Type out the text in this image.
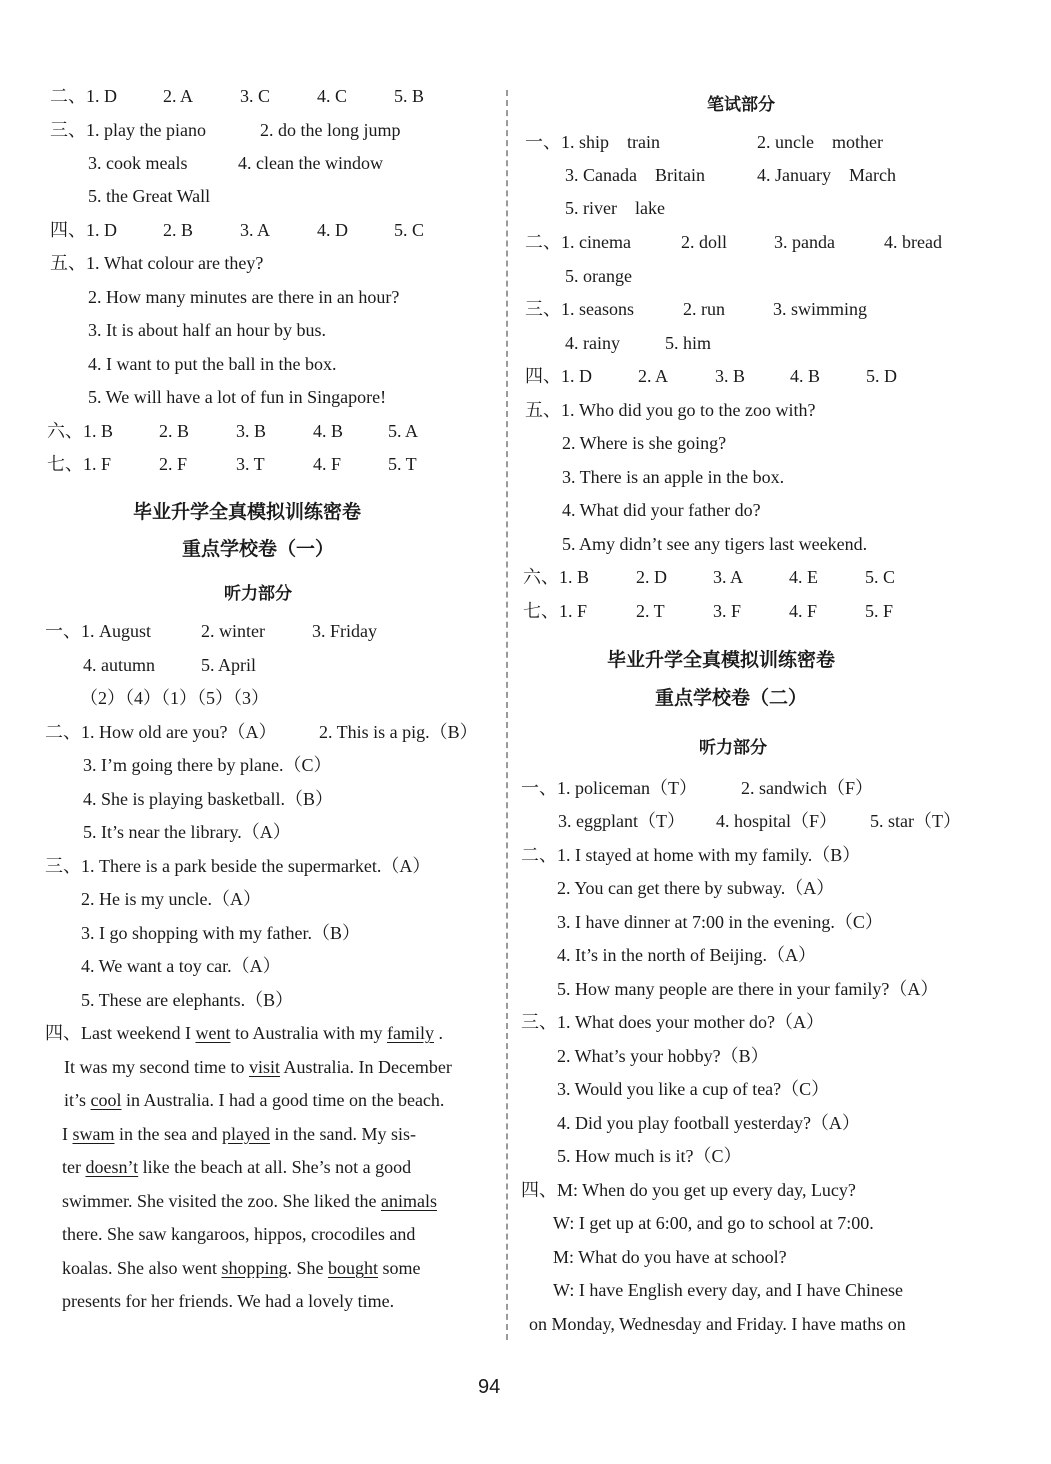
二、1. D	2. A	3. C	4. C	5. B
三、1. play the piano	2. do the long jump
3. cook meals	4. clean the window
5. the Great Wall
四、1. D	2. B	3. A	4. D	5. C
五、1. What colour are they?
2. How many minutes are there in an hour?
3. It is about half an hour by bus.
4. I want to put the ball in the box.
5. We will have a lot of fun in Singapore!
六、1. B	2. B	3. B	4. B 5. A
七、1. F	2. F	3. T	4. F	5. T
毕业升学全真模拟训练密卷
重点学校卷（一）
听力部分
一、1. August	2. winter	3. Friday
4. autumn	5. April
（2）（4）（1）（5）（3）
二、1. How old are you?（A） 2. This is a pig.（B）
3. I’m going there by plane.（C）
4. She is playing basketball.（B）
5. It’s near the library.（A）
三、1. There is a park beside the supermarket.（A）
2. He is my uncle.（A）
3. I go shopping with my father.（B）
4. We want a toy car.（A）
5. These are elephants.（B）
四、Last weekend I went to Australia with my family .
It was my second time to visit Australia. In December
it’s cool in Australia. I had a good time on the beach.
I swam in the sea and played in the sand. My sis-
ter doesn’t like the beach at all. She’s not a good
swimmer. She visited the zoo. She liked the animals
there. She saw kangaroos, hippos, crocodiles and
koalas. She also went shopping. She bought some
presents for her friends. We had a lovely time.
笔试部分
一、1. ship    train	2. uncle    mother
3. Canada    Britain	4. January    March
5. river    lake
二、1. cinema	2. doll	3. panda	4. bread
5. orange
三、1. seasons	2. run	3. swimming
4. rainy	5. him
四、1. D	2. A	3. B 4. B	5. D
五、1. Who did you go to the zoo with?
2. Where is she going?
3. There is an apple in the box.
4. What did your father do?
5. Amy didn’t see any tigers last weekend.
六、1. B	2. D	3. A	4. E	5. C
七、1. F	2. T	3. F	4. F	5. F
毕业升学全真模拟训练密卷
重点学校卷（二）
听力部分
一、1. policeman（T） 2. sandwich（F）
3. eggplant（T） 4. hospital（F） 5. star（T）
二、1. I stayed at home with my family.（B）
2. You can get there by subway.（A）
3. I have dinner at 7:00 in the evening.（C）
4. It’s in the north of Beijing.（A）
5. How many people are there in your family?（A）
三、1. What does your mother do?（A）
2. What’s your hobby?（B）
3. Would you like a cup of tea?（C）
4. Did you play football yesterday?（A）
5. How much is it?（C）
四、M: When do you get up every day, Lucy?
W: I get up at 6:00, and go to school at 7:00.
M: What do you have at school?
W: I have English every day, and I have Chinese
on Monday, Wednesday and Friday. I have maths on
94
